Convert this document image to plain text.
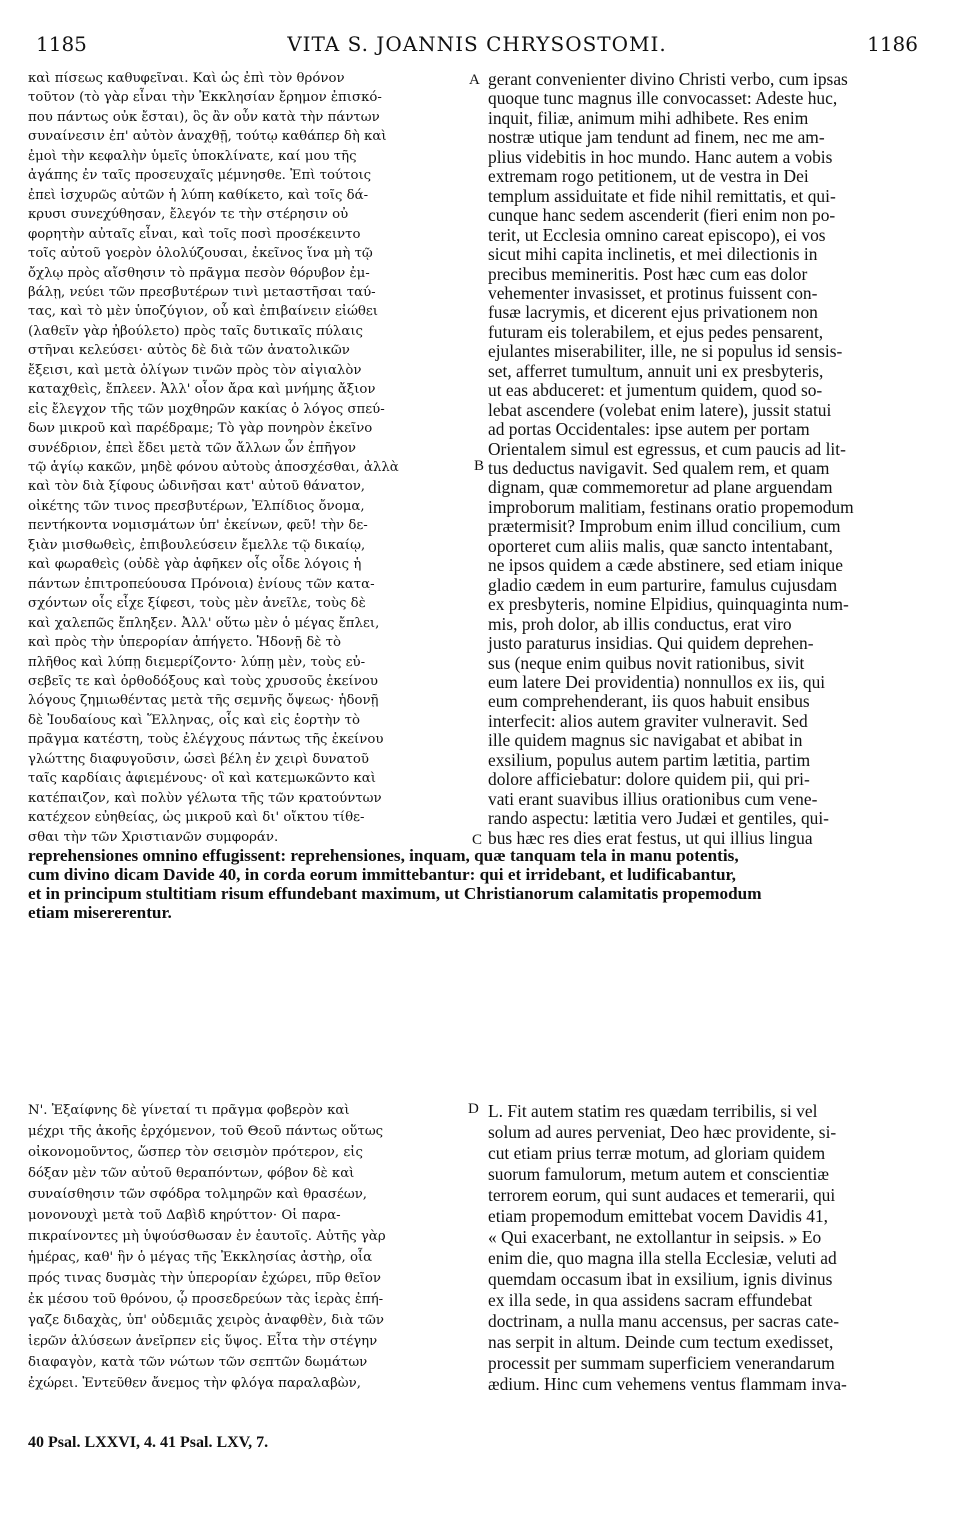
1185	VITA S. JOANNIS CHRYSOSTOMI.	1186
καὶ πίσεως καθυφεῖναι. Καὶ ὡς ἐπὶ τὸν θρόνον
τοῦτον (τὸ γὰρ εἶναι τὴν Ἐκκλησίαν ἔρημον ἐπισκό-
που πάντως οὐκ ἔσται), ὃς ἂν οὖν κατὰ τὴν πάντων
συναίνεσιν ἐπ' αὐτὸν ἀναχθῇ, τούτῳ καθάπερ δὴ καὶ
ἐμοὶ τὴν κεφαλὴν ὑμεῖς ὑποκλίνατε, καί μου τῆς
ἀγάπης ἐν ταῖς προσευχαῖς μέμνησθε. Ἐπὶ τούτοις
ἐπεὶ ἰσχυρῶς αὐτῶν ἡ λύπη καθίκετο, καὶ τοῖς δά-
κρυσι συνεχύθησαν, ἔλεγόν τε τὴν στέρησιν οὐ
φορητὴν αὐταῖς εἶναι, καὶ τοῖς ποσὶ προσέκειντο
τοῖς αὐτοῦ γοερὸν ὀλολύζουσαι, ἐκεῖνος ἵνα μὴ τῷ
ὄχλῳ πρὸς αἴσθησιν τὸ πρᾶγμα πεσὸν θόρυβον ἐμ-
βάλῃ, νεύει τῶν πρεσβυτέρων τινὶ μεταστῆσαι ταύ-
τας, καὶ τὸ μὲν ὑποζύγιον, οὗ καὶ ἐπιβαίνειν εἰώθει
(λαθεῖν γὰρ ἠβούλετο) πρὸς ταῖς δυτικαῖς πύλαις
στῆναι κελεύσει· αὐτὸς δὲ διὰ τῶν ἀνατολικῶν
ἔξεισι, καὶ μετὰ ὀλίγων τινῶν πρὸς τὸν αἰγιαλὸν
καταχθεὶς, ἔπλεεν. Ἀλλ' οἷον ἄρα καὶ μνήμης ἄξιον
εἰς ἔλεγχον τῆς τῶν μοχθηρῶν κακίας ὁ λόγος σπεύ-
δων μικροῦ καὶ παρέδραμε; Τὸ γὰρ πονηρὸν ἐκεῖνο
συνέδριον, ἐπεὶ ἔδει μετὰ τῶν ἄλλων ὧν ἐπῆγον
τῷ ἁγίῳ κακῶν, μηδὲ φόνου αὐτοὺς ἀποσχέσθαι, ἀλλὰ
καὶ τὸν διὰ ξίφους ὠδινῆσαι κατ' αὐτοῦ θάνατον,
οἰκέτης τῶν τινος πρεσβυτέρων, Ἐλπίδιος ὄνομα,
πεντήκοντα νομισμάτων ὑπ' ἐκείνων, φεῦ! τὴν δε-
ξιὰν μισθωθεὶς, ἐπιβουλεύσειν ἔμελλε τῷ δικαίῳ,
καὶ φωραθεὶς (οὐδὲ γὰρ ἀφῆκεν οἷς οἶδε λόγοις ἡ
πάντων ἐπιτροπεύουσα Πρόνοια) ἐνίους τῶν κατα-
σχόντων οἷς εἶχε ξίφεσι, τοὺς μὲν ἀνεῖλε, τοὺς δὲ
καὶ χαλεπῶς ἔπληξεν. Ἀλλ' οὕτω μὲν ὁ μέγας ἔπλει,
καὶ πρὸς τὴν ὑπερορίαν ἀπήγετο. Ἡδονῇ δὲ τὸ
πλῆθος καὶ λύπῃ διεμερίζοντο· λύπῃ μὲν, τοὺς εὐ-
σεβεῖς τε καὶ ὀρθοδόξους καὶ τοὺς χρυσοῦς ἐκείνου
λόγους ζημιωθέντας μετὰ τῆς σεμνῆς ὄψεως· ἡδονῇ
δὲ Ἰουδαίους καὶ Ἕλληνας, οἷς καὶ εἰς ἑορτὴν τὸ
πρᾶγμα κατέστη, τοὺς ἐλέγχους πάντως τῆς ἐκείνου
γλώττης διαφυγοῦσιν, ὡσεὶ βέλη ἐν χειρὶ δυνατοῦ
ταῖς καρδίαις ἀφιεμένους· οἳ καὶ κατεμωκῶντο καὶ
κατέπαιζον, καὶ πολὺν γέλωτα τῆς τῶν κρατούντων
κατέχεον εὐηθείας, ὡς μικροῦ καὶ δι' οἴκτου τίθε-
σθαι τὴν τῶν Χριστιανῶν συμφοράν.
gerant convenienter divino Christi verbo, cum ipsas
quoque tunc magnus ille convocasset: Adeste huc,
inquit, filiæ, animum mihi adhibete. Res enim
nostræ utique jam tendunt ad finem, nec me am-
plius videbitis in hoc mundo. Hanc autem a vobis
extremam rogo petitionem, ut de vestra in Dei
templum assiduitate et fide nihil remittatis, et qui-
cunque hanc sedem ascenderit (fieri enim non po-
terit, ut Ecclesia omnino careat episcopo), ei vos
sicut mihi capita inclinetis, et mei dilectionis in
precibus memineritis. Post hæc cum eas dolor
vehementer invasisset, et protinus fuissent con-
fusæ lacrymis, et dicerent ejus privationem non
futuram eis tolerabilem, et ejus pedes pensarent,
ejulantes miserabiliter, ille, ne si populus id sensis-
set, afferret tumultum, annuit uni ex presbyteris,
ut eas abduceret: et jumentum quidem, quod so-
lebat ascendere (volebat enim latere), jussit statui
ad portas Occidentales: ipse autem per portam
Orientalem simul est egressus, et cum paucis ad lit-
tus deductus navigavit. Sed qualem rem, et quam
dignam, quæ commemoretur ad plane arguendam
improborum malitiam, festinans oratio propemodum
prætermisit? Improbum enim illud concilium, cum
oporteret cum aliis malis, quæ sancto intentabant,
ne ipsos quidem a cæde abstinere, sed etiam inique
gladio cædem in eum parturire, famulus cujusdam
ex presbyteris, nomine Elpidius, quinquaginta num-
mis, proh dolor, ab illis conductus, erat viro
justo paraturus insidias. Qui quidem deprehen-
sus (neque enim quibus novit rationibus, sivit
eum latere Dei providentia) nonnullos ex iis, qui
eum comprehenderant, iis quos habuit ensibus
interfecit: alios autem graviter vulneravit. Sed
ille quidem magnus sic navigabat et abibat in
exsilium, populus autem partim lætitia, partim
dolore afficiebatur: dolore quidem pii, qui pri-
vati erant suavibus illius orationibus cum vene-
rando aspectu: lætitia vero Judæi et gentiles, qui-
bus hæc res dies erat festus, ut qui illius lingua
reprehensiones omnino effugissent: reprehensiones, inquam, quæ tanquam tela in manu potentis,
cum divino dicam Davide 40, in corda eorum immittebantur: qui et irridebant, et ludificabantur,
et in principum stultitiam risum effundebant maximum, ut Christianorum calamitatis propemodum
etiam misererentur.
Ν'. Ἐξαίφνης δὲ γίνεταί τι πρᾶγμα φοβερὸν καὶ
μέχρι τῆς ἀκοῆς ἐρχόμενον, τοῦ Θεοῦ πάντως οὕτως
οἰκονομοῦντος, ὥσπερ τὸν σεισμὸν πρότερον, εἰς
δόξαν μὲν τῶν αὐτοῦ θεραπόντων, φόβον δὲ καὶ
συναίσθησιν τῶν σφόδρα τολμηρῶν καὶ θρασέων,
μονονουχὶ μετὰ τοῦ Δαβὶδ κηρύττον· Οἱ παρα-
πικραίνοντες μὴ ὑψούσθωσαν ἐν ἑαυτοῖς. Αὐτῆς γὰρ
ἡμέρας, καθ' ἣν ὁ μέγας τῆς Ἐκκλησίας ἀστὴρ, οἷα
πρός τινας δυσμὰς τὴν ὑπερορίαν ἐχώρει, πῦρ θεῖον
ἐκ μέσου τοῦ θρόνου, ᾧ προσεδρεύων τὰς ἱερὰς ἐπή-
γαζε διδαχὰς, ὑπ' οὐδεμιᾶς χειρὸς ἀναφθὲν, διὰ τῶν
ἱερῶν ἁλύσεων ἀνεῖρπεν εἰς ὕψος. Εἶτα τὴν στέγην
διαφαγὸν, κατὰ τῶν νώτων τῶν σεπτῶν δωμάτων
ἐχώρει. Ἐντεῦθεν ἄνεμος τὴν φλόγα παραλαβὼν,
L. Fit autem statim res quædam terribilis, si vel
solum ad aures perveniat, Deo hæc providente, si-
cut etiam prius terræ motum, ad gloriam quidem
suorum famulorum, metum autem et conscientiæ
terrorem eorum, qui sunt audaces et temerarii, qui
etiam propemodum emittebat vocem Davidis 41,
« Qui exacerbant, ne extollantur in seipsis. » Eo
enim die, quo magna illa stella Ecclesiæ, veluti ad
quemdam occasum ibat in exsilium, ignis divinus
ex illa sede, in qua assidens sacram effundebat
doctrinam, a nulla manu accensus, per sacras cate-
nas serpit in altum. Deinde cum tectum exedisset,
processit per summam superficiem venerandarum
ædium. Hinc cum vehemens ventus flammam inva-
A
B
C
D
40 Psal. LXXVI, 4. 41 Psal. LXV, 7.
